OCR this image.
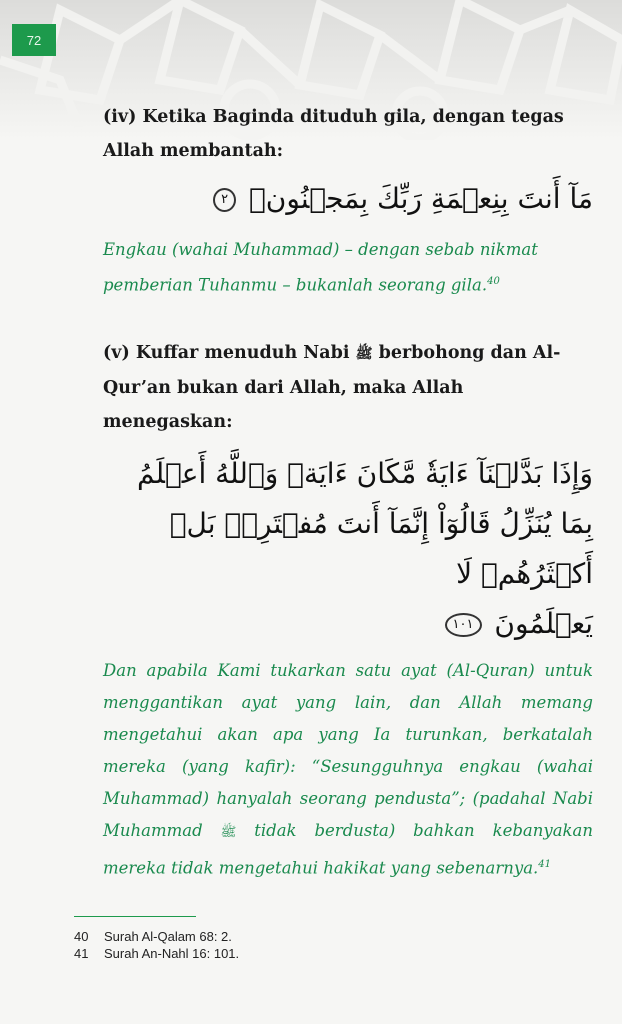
72

(iv) Ketika Baginda dituduh gila, dengan tegas Allah membantah:

مَآ أَنتَ بِنِعۡمَةِ رَبِّكَ بِمَجۡنُونٖ ٢

Engkau (wahai Muhammad) – dengan sebab nikmat pemberian Tuhanmu – bukanlah seorang gila.$^{40}$

(v) Kuffar menuduh Nabi ﷺ berbohong dan Al-Qur’an bukan dari Allah, maka Allah menegaskan:

وَإِذَا بَدَّلۡنَآ ءَايَةٗ مَّكَانَ ءَايَةٖ وَٱللَّهُ أَعۡلَمُ

بِمَا يُنَزِّلُ قَالُوٓاْ إِنَّمَآ أَنتَ مُفۡتَرِۭۚ بَلۡ أَكۡثَرُهُمۡ لَا

يَعۡلَمُونَ ١٠١

Dan apabila Kami tukarkan satu ayat (Al-Quran) untuk menggantikan ayat yang lain, dan Allah memang mengetahui akan apa yang Ia turunkan, berkatalah mereka (yang kafir): “Sesungguhnya engkau (wahai Muhammad) hanyalah seorang pendusta”; (padahal Nabi Muhammad ﷺ tidak berdusta) bahkan kebanyakan mereka tidak mengetahui hakikat yang sebenarnya.$^{41}$

40	Surah Al-Qalam 68: 2.
41	Surah An-Nahl 16: 101.
